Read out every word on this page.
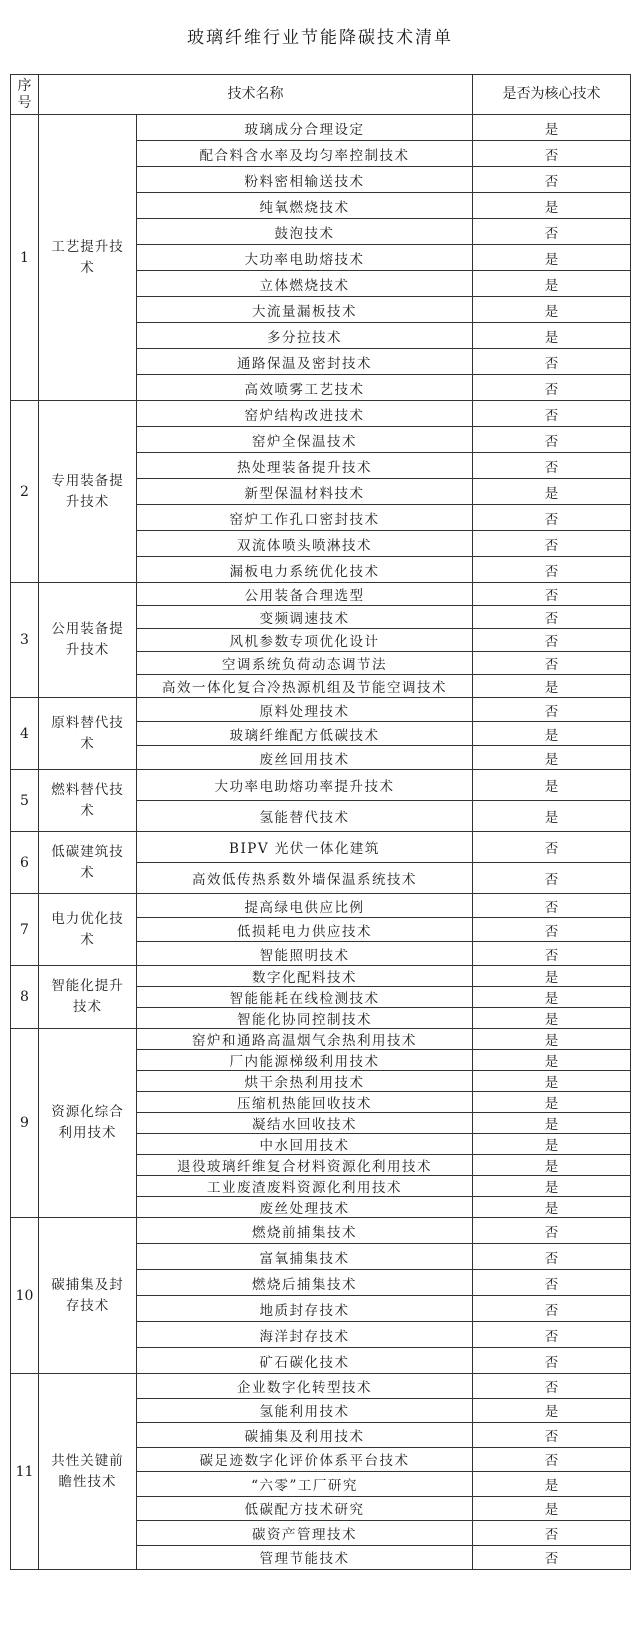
玻璃纤维行业节能降碳技术清单
序号	技术名称		是否为核心技术
1	工艺提升技术	玻璃成分合理设定	是
		配合料含水率及均匀率控制技术	否
		粉料密相输送技术	否
		纯氧燃烧技术	是
		鼓泡技术	否
		大功率电助熔技术	是
		立体燃烧技术	是
		大流量漏板技术	是
		多分拉技术	是
		通路保温及密封技术	否
		高效喷雾工艺技术	否
2	专用装备提升技术	窑炉结构改进技术	否
		窑炉全保温技术	否
		热处理装备提升技术	否
		新型保温材料技术	是
		窑炉工作孔口密封技术	否
		双流体喷头喷淋技术	否
		漏板电力系统优化技术	否
3	公用装备提升技术	公用装备合理选型	否
		变频调速技术	否
		风机参数专项优化设计	否
		空调系统负荷动态调节法	否
		高效一体化复合冷热源机组及节能空调技术	是
4	原料替代技术	原料处理技术	否
		玻璃纤维配方低碳技术	是
		废丝回用技术	是
5	燃料替代技术	大功率电助熔功率提升技术	是
		氢能替代技术	是
6	低碳建筑技术	BIPV 光伏一体化建筑	否
		高效低传热系数外墙保温系统技术	否
7	电力优化技术	提高绿电供应比例	否
		低损耗电力供应技术	否
		智能照明技术	否
8	智能化提升技术	数字化配料技术	是
		智能能耗在线检测技术	是
		智能化协同控制技术	是
9	资源化综合利用技术	窑炉和通路高温烟气余热利用技术	是
		厂内能源梯级利用技术	是
		烘干余热利用技术	是
		压缩机热能回收技术	是
		凝结水回收技术	是
		中水回用技术	是
		退役玻璃纤维复合材料资源化利用技术	是
		工业废渣废料资源化利用技术	是
		废丝处理技术	是
10	碳捕集及封存技术	燃烧前捕集技术	否
		富氧捕集技术	否
		燃烧后捕集技术	否
		地质封存技术	否
		海洋封存技术	否
		矿石碳化技术	否
11	共性关键前瞻性技术	企业数字化转型技术	否
		氢能利用技术	是
		碳捕集及利用技术	否
		碳足迹数字化评价体系平台技术	否
		“六零”工厂研究	是
		低碳配方技术研究	是
		碳资产管理技术	否
		管理节能技术	否
